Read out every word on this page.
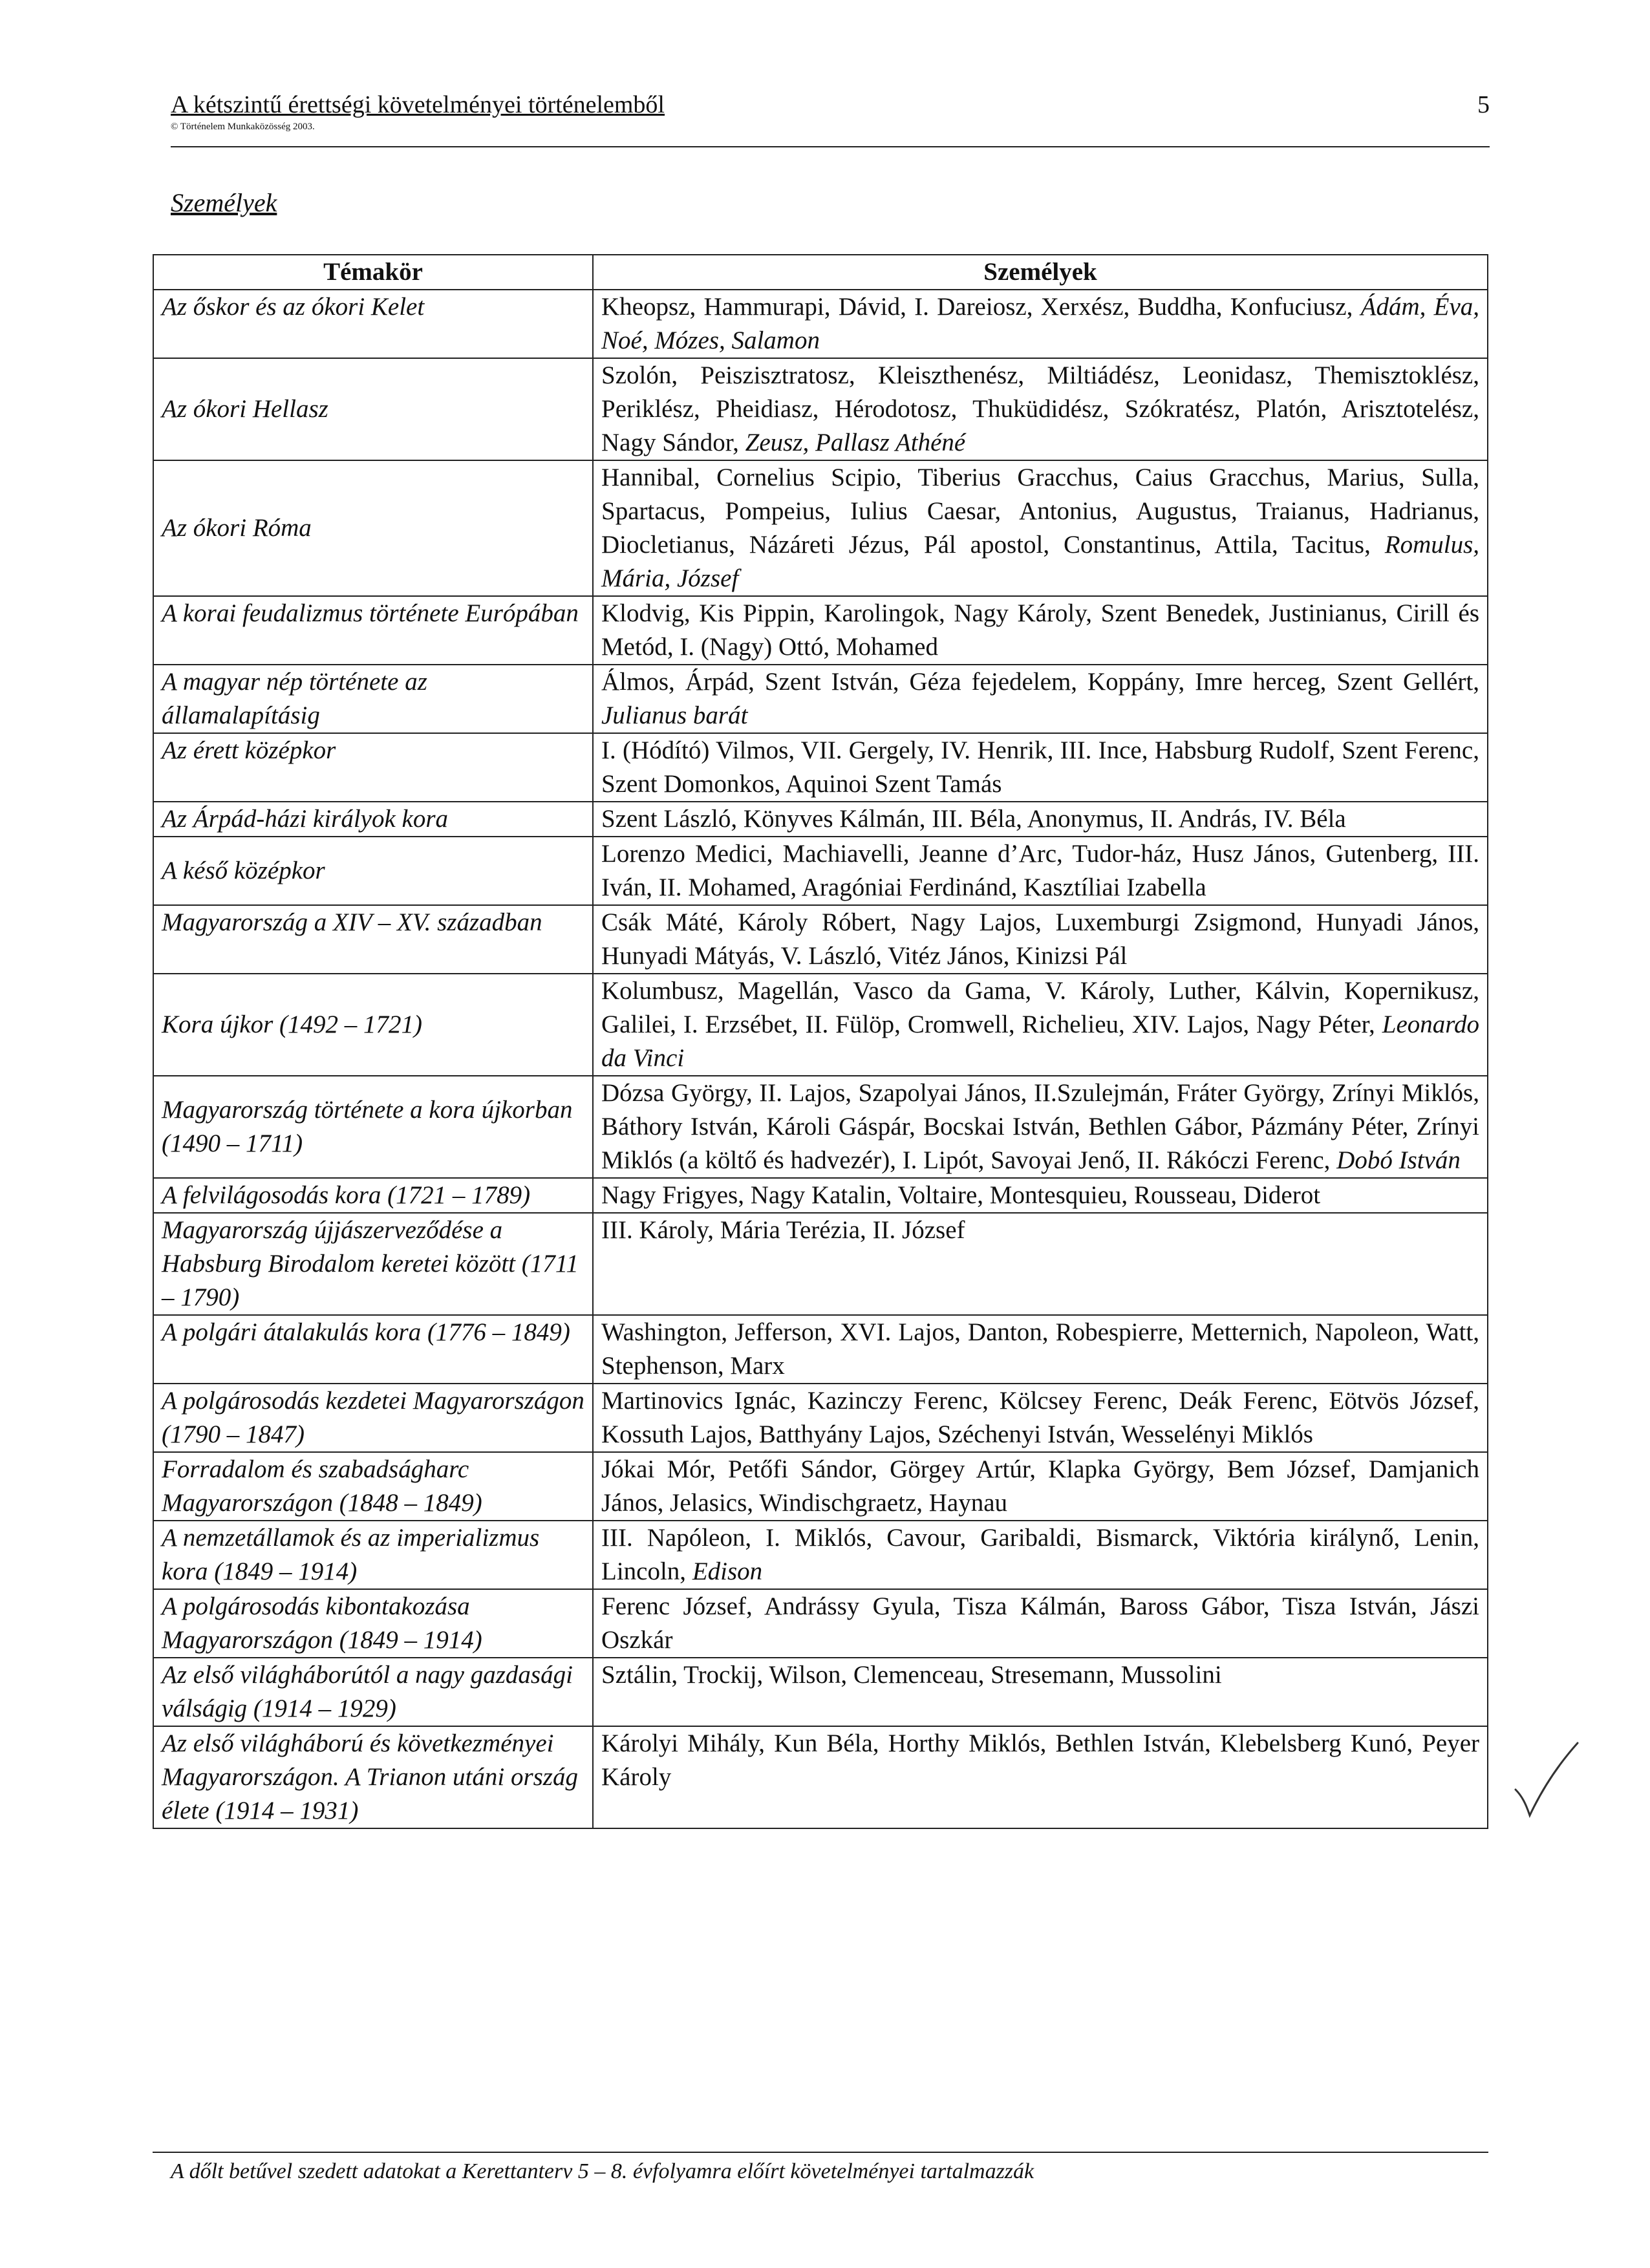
A kétszintű érettségi követelményei történelemből	5
© Történelem Munkaközösség 2003.
Személyek
Témakör	Személyek
Az őskor és az ókori Kelet	Kheopsz, Hammurapi, Dávid, I. Dareiosz, Xerxész, Buddha, Konfuciusz, Ádám, Éva, Noé, Mózes, Salamon
Az ókori Hellasz	Szolón, Peiszisztratosz, Kleiszthenész, Miltiádész, Leonidasz, Themisztoklész, Periklész, Pheidiasz, Hérodotosz, Thuküdidész, Szókratész, Platón, Arisztotelész, Nagy Sándor, Zeusz, Pallasz Athéné
Az ókori Róma	Hannibal, Cornelius Scipio, Tiberius Gracchus, Caius Gracchus, Marius, Sulla, Spartacus, Pompeius, Iulius Caesar, Antonius, Augustus, Traianus, Hadrianus, Diocletianus, Názáreti Jézus, Pál apostol, Constantinus, Attila, Tacitus, Romulus, Mária, József
A korai feudalizmus története Európában	Klodvig, Kis Pippin, Karolingok, Nagy Károly, Szent Benedek, Justinianus, Cirill és Metód, I. (Nagy) Ottó, Mohamed
A magyar nép története az államalapításig	Álmos, Árpád, Szent István, Géza fejedelem, Koppány, Imre herceg, Szent Gellért, Julianus barát
Az érett középkor	I. (Hódító) Vilmos, VII. Gergely, IV. Henrik, III. Ince, Habsburg Rudolf, Szent Ferenc, Szent Domonkos, Aquinoi Szent Tamás
Az Árpád-házi királyok kora	Szent László, Könyves Kálmán, III. Béla, Anonymus, II. András, IV. Béla
A késő középkor	Lorenzo Medici, Machiavelli, Jeanne d’Arc, Tudor-ház, Husz János, Gutenberg, III. Iván, II. Mohamed, Aragóniai Ferdinánd, Kasztíliai Izabella
Magyarország a XIV – XV. században	Csák Máté, Károly Róbert, Nagy Lajos, Luxemburgi Zsigmond, Hunyadi János, Hunyadi Mátyás, V. László, Vitéz János, Kinizsi Pál
Kora újkor (1492 – 1721)	Kolumbusz, Magellán, Vasco da Gama, V. Károly, Luther, Kálvin, Kopernikusz, Galilei, I. Erzsébet, II. Fülöp, Cromwell, Richelieu, XIV. Lajos, Nagy Péter, Leonardo da Vinci
Magyarország története a kora újkorban (1490 – 1711)	Dózsa György, II. Lajos, Szapolyai János, II.Szulejmán, Fráter György, Zrínyi Miklós, Báthory István, Károli Gáspár, Bocskai István, Bethlen Gábor, Pázmány Péter, Zrínyi Miklós (a költő és hadvezér), I. Lipót, Savoyai Jenő, II. Rákóczi Ferenc, Dobó István
A felvilágosodás kora (1721 – 1789)	Nagy Frigyes, Nagy Katalin, Voltaire, Montesquieu, Rousseau, Diderot
Magyarország újjászerveződése a Habsburg Birodalom keretei között (1711 – 1790)	III. Károly, Mária Terézia, II. József
A polgári átalakulás kora (1776 – 1849)	Washington, Jefferson, XVI. Lajos, Danton, Robespierre, Metternich, Napoleon, Watt, Stephenson, Marx
A polgárosodás kezdetei Magyarországon (1790 – 1847)	Martinovics Ignác, Kazinczy Ferenc, Kölcsey Ferenc, Deák Ferenc, Eötvös József, Kossuth Lajos, Batthyány Lajos, Széchenyi István, Wesselényi Miklós
Forradalom és szabadságharc Magyarországon (1848 – 1849)	Jókai Mór, Petőfi Sándor, Görgey Artúr, Klapka György, Bem József, Damjanich János, Jelasics, Windischgraetz, Haynau
A nemzetállamok és az imperializmus kora (1849 – 1914)	III. Napóleon, I. Miklós, Cavour, Garibaldi, Bismarck, Viktória királynő, Lenin, Lincoln, Edison
A polgárosodás kibontakozása Magyarországon (1849 – 1914)	Ferenc József, Andrássy Gyula, Tisza Kálmán, Baross Gábor, Tisza István, Jászi Oszkár
Az első világháborútól a nagy gazdasági válságig (1914 – 1929)	Sztálin, Trockij, Wilson, Clemenceau, Stresemann, Mussolini
Az első világháború és következményei Magyarországon. A Trianon utáni ország élete (1914 – 1931)	Károlyi Mihály, Kun Béla, Horthy Miklós, Bethlen István, Klebelsberg Kunó, Peyer Károly
A dőlt betűvel szedett adatokat a Kerettanterv 5 – 8. évfolyamra előírt követelményei tartalmazzák
